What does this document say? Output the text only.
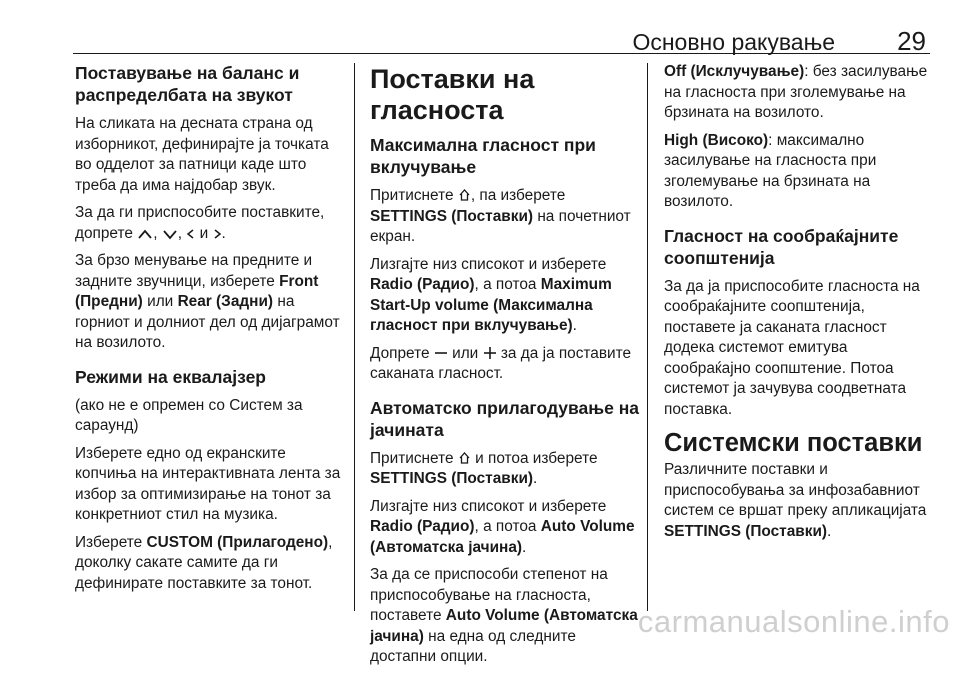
Основно ракување 29
Поставување на баланс и распределбата на звукот

На сликата на десната страна од изборникот, дефинирајте ја точката во одделот за патници каде што треба да има најдобар звук.

За да ги приспособите поставките, допрете , ,  и .

За брзо менување на предните и задните звучници, изберете Front (Предни) или Rear (Задни) на горниот и долниот дел од дијаграмот на возилото.

Режими на еквалајзер

(ако не е опремен со Систем за сараунд)

Изберете едно од екранските копчиња на интерактивната лента за избор за оптимизирање на тонот за конкретниот стил на музика.

Изберете CUSTOM (Прилагодено), доколку сакате самите да ги дефинирате поставките за тонот.

Поставки на гласноста
Максимална гласност при вклучување

Притиснете , па изберете SETTINGS (Поставки) на почетниот екран.

Лизгајте низ списокот и изберете Radio (Радио), а потоа Maximum Start-Up volume (Максимална гласност при вклучување).

Допрете или за да ја поставите саканата гласност.

Автоматско прилагодување на јачината

Притиснете и потоа изберете SETTINGS (Поставки).

Лизгајте низ списокот и изберете Radio (Радио), а потоа Auto Volume (Автоматска јачина).

За да се приспособи степенот на приспособување на гласноста, поставете Auto Volume (Автоматска јачина) на една од следните достапни опции.

Off (Исклучување): без засилување на гласноста при зголемување на брзината на возилото.

High (Високо): максимално засилување на гласноста при зголемување на брзината на возилото.

Гласност на сообраќајните соопштенија

За да ја приспособите гласноста на сообраќајните соопштенија, поставете ја саканата гласност додека системот емитува сообраќајно соопштение. Потоа системот ја зачувува соодветната поставка.

Системски поставки

Различните поставки и приспособувања за инфозабавниот систем се вршат преку апликацијата SETTINGS (Поставки).

carmanualsonline.info
